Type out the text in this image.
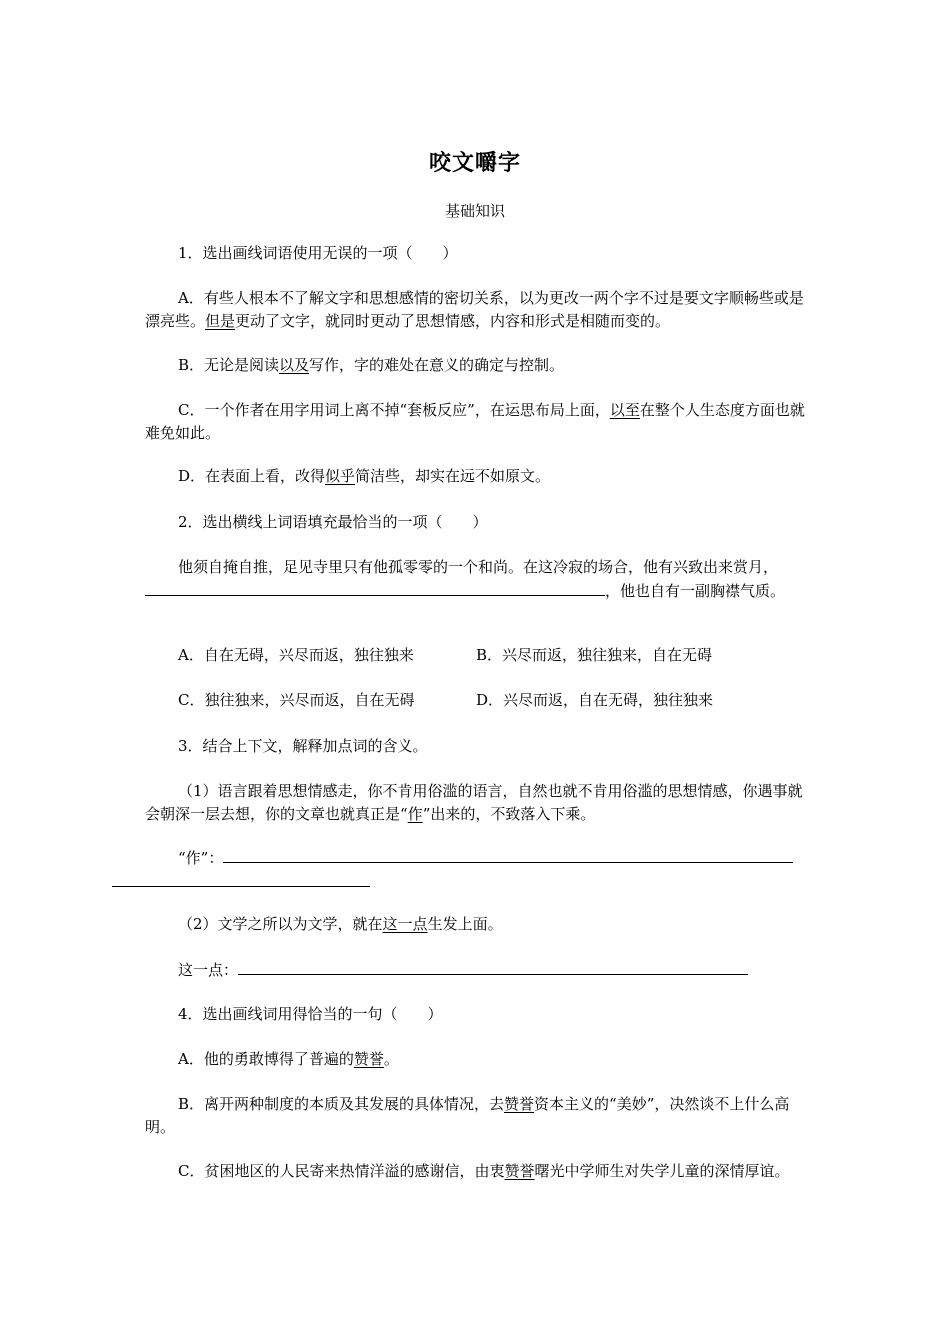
咬文嚼字
基础知识
1．选出画线词语使用无误的一项（　　）
A．有些人根本不了解文字和思想感情的密切关系，以为更改一两个字不过是要文字顺畅些或是漂亮些。但是更动了文字，就同时更动了思想情感，内容和形式是相随而变的。
B．无论是阅读以及写作，字的难处在意义的确定与控制。
C．一个作者在用字用词上离不掉“套板反应”，在运思布局上面，以至在整个人生态度方面也就难免如此。
D．在表面上看，改得似乎简洁些，却实在远不如原文。
2．选出横线上词语填充最恰当的一项（　　）
他须自掩自推，足见寺里只有他孤零零的一个和尚。在这冷寂的场合，他有兴致出来赏月，，他也自有一副胸襟气质。
A．自在无碍，兴尽而返，独往独来	B．兴尽而返，独往独来，自在无碍
C．独往独来，兴尽而返，自在无碍	D．兴尽而返，自在无碍，独往独来
3．结合上下文，解释加点词的含义。
（1）语言跟着思想情感走，你不肯用俗滥的语言，自然也就不肯用俗滥的思想情感，你遇事就会朝深一层去想，你的文章也就真正是“作”出来的，不致落入下乘。
“作”：

（2）文学之所以为文学，就在这一点生发上面。
这一点：
4．选出画线词用得恰当的一句（　　）
A．他的勇敢博得了普遍的赞誉。
B．离开两种制度的本质及其发展的具体情况，去赞誉资本主义的“美妙”，决然谈不上什么高明。
C．贫困地区的人民寄来热情洋溢的感谢信，由衷赞誉曙光中学师生对失学儿童的深情厚谊。
